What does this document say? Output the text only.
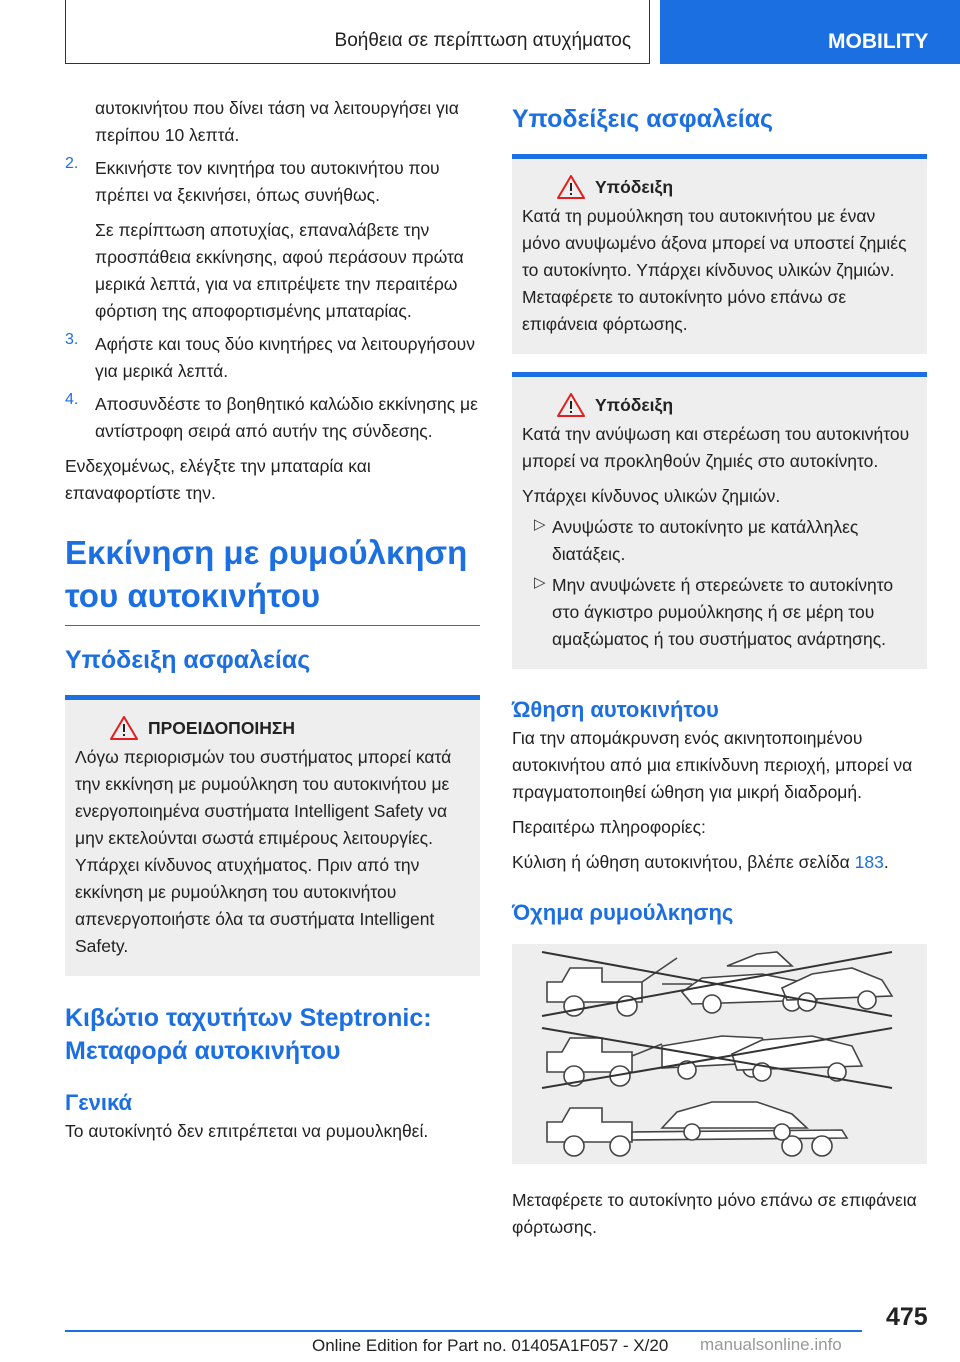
Βοήθεια σε περίπτωση ατυχήματος	MOBILITY

αυτοκινήτου που δίνει τάση να λειτουργήσει για περίπου 10 λεπτά.

2. Εκκινήστε τον κινητήρα του αυτοκινήτου που πρέπει να ξεκινήσει, όπως συνήθως.

Σε περίπτωση αποτυχίας, επαναλάβετε την προσπάθεια εκκίνησης, αφού περάσουν πρώτα μερικά λεπτά, για να επιτρέψετε την περαιτέρω φόρτιση της αποφορτισμένης μπαταρίας.

3. Αφήστε και τους δύο κινητήρες να λειτουργήσουν για μερικά λεπτά.

4. Αποσυνδέστε το βοηθητικό καλώδιο εκκίνησης με αντίστροφη σειρά από αυτήν της σύνδεσης.

Ενδεχομένως, ελέγξτε την μπαταρία και επαναφορτίστε την.

Εκκίνηση με ρυμούλκηση του αυτοκινήτου
Υπόδειξη ασφαλείας
ΠΡΟΕΙΔΟΠΟΙΗΣΗ

Λόγω περιορισμών του συστήματος μπορεί κατά την εκκίνηση με ρυμούλκηση του αυτοκινήτου με ενεργοποιημένα συστήματα Intelligent Safety να μην εκτελούνται σωστά επιμέρους λειτουργίες. Υπάρχει κίνδυνος ατυχήματος. Πριν από την εκκίνηση με ρυμούλκηση του αυτοκινήτου απενεργοποιήστε όλα τα συστήματα Intelligent Safety.

Κιβώτιο ταχυτήτων Steptronic: Μεταφορά αυτοκινήτου
Γενικά

Το αυτοκίνητό δεν επιτρέπεται να ρυμουλκηθεί.

Υποδείξεις ασφαλείας
Υπόδειξη

Κατά τη ρυμούλκηση του αυτοκινήτου με έναν μόνο ανυψωμένο άξονα μπορεί να υποστεί ζημιές το αυτοκίνητο. Υπάρχει κίνδυνος υλικών ζημιών. Μεταφέρετε το αυτοκίνητο μόνο επάνω σε επιφάνεια φόρτωσης.

Υπόδειξη

Κατά την ανύψωση και στερέωση του αυτοκινήτου μπορεί να προκληθούν ζημιές στο αυτοκίνητο.

Υπάρχει κίνδυνος υλικών ζημιών.

▷ Ανυψώστε το αυτοκίνητο με κατάλληλες διατάξεις.

▷ Μην ανυψώνετε ή στερεώνετε το αυτοκίνητο στο άγκιστρο ρυμούλκησης ή σε μέρη του αμαξώματος ή του συστήματος ανάρτησης.

Ώθηση αυτοκινήτου

Για την απομάκρυνση ενός ακινητοποιημένου αυτοκινήτου από μια επικίνδυνη περιοχή, μπορεί να πραγματοποιηθεί ώθηση για μικρή διαδρομή.

Περαιτέρω πληροφορίες:

Κύλιση ή ώθηση αυτοκινήτου, βλέπε σελίδα 183.

Όχημα ρυμούλκησης

Μεταφέρετε το αυτοκίνητο μόνο επάνω σε επιφάνεια φόρτωσης.

475
Online Edition for Part no. 01405A1F057 - X/20 manualsonline.info
